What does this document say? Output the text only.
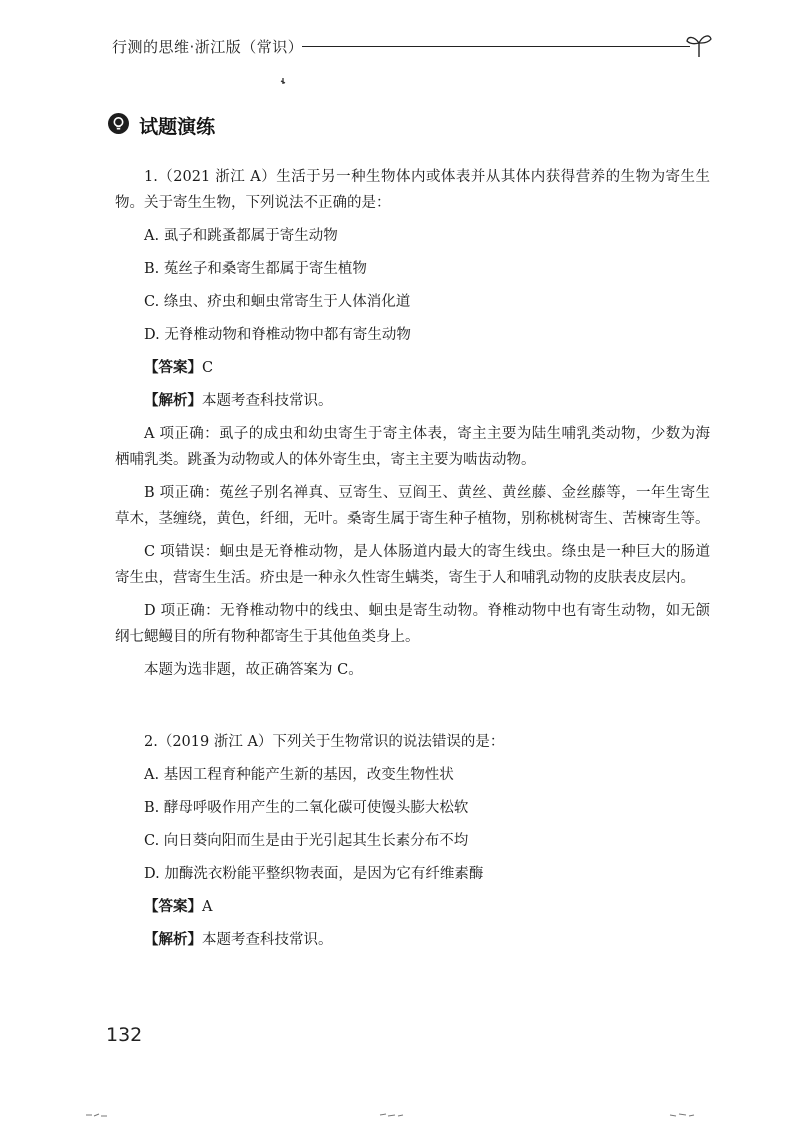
行测的思维·浙江版（常识）
试题演练

1.（2021 浙江 A）生活于另一种生物体内或体表并从其体内获得营养的生物为寄生生物。关于寄生生物，下列说法不正确的是：

A. 虱子和跳蚤都属于寄生动物
B. 菟丝子和桑寄生都属于寄生植物
C. 绦虫、疥虫和蛔虫常寄生于人体消化道
D. 无脊椎动物和脊椎动物中都有寄生动物
【答案】C
【解析】本题考查科技常识。

A 项正确：虱子的成虫和幼虫寄生于寄主体表，寄主主要为陆生哺乳类动物，少数为海栖哺乳类。跳蚤为动物或人的体外寄生虫，寄主主要为啮齿动物。

B 项正确：菟丝子别名禅真、豆寄生、豆阎王、黄丝、黄丝藤、金丝藤等，一年生寄生草木，茎缠绕，黄色，纤细，无叶。桑寄生属于寄生种子植物，别称桃树寄生、苦楝寄生等。

C 项错误：蛔虫是无脊椎动物，是人体肠道内最大的寄生线虫。绦虫是一种巨大的肠道寄生虫，营寄生生活。疥虫是一种永久性寄生螨类，寄生于人和哺乳动物的皮肤表皮层内。

D 项正确：无脊椎动物中的线虫、蛔虫是寄生动物。脊椎动物中也有寄生动物，如无颌纲七鳃鳗目的所有物种都寄生于其他鱼类身上。

本题为选非题，故正确答案为 C。

2.（2019 浙江 A）下列关于生物常识的说法错误的是：

A. 基因工程育种能产生新的基因，改变生物性状
B. 酵母呼吸作用产生的二氧化碳可使馒头膨大松软
C. 向日葵向阳而生是由于光引起其生长素分布不均
D. 加酶洗衣粉能平整织物表面，是因为它有纤维素酶
【答案】A
【解析】本题考查科技常识。
132
